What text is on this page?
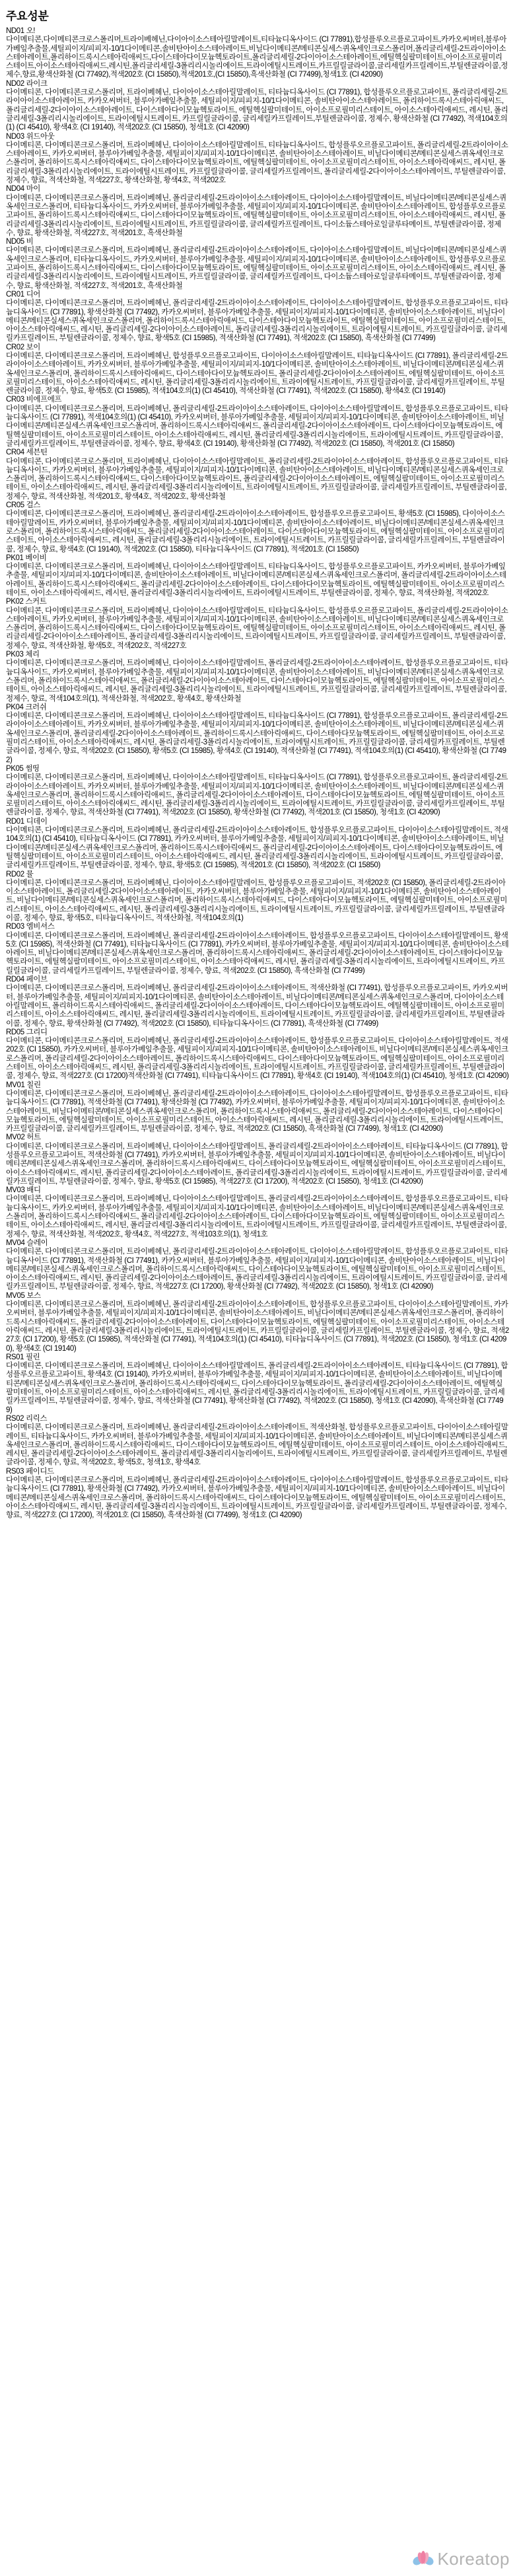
주요성분
ND01 오!
다이메티콘,다이메티콘크로스폴리머,트라이베헤닌,다이아이소스테아릴말레이트,티타늄디옥사이드 (CI 77891),합성플루오르플로고파이트,카카오씨버터,블루아가베잎추출물,세틸피이지/피피지-10/1다이메티콘,솔비탄아이소스테아레이트,비닐다이메티콘/메티콘실세스퀴옥세인크로스폴리머,폴리글리세릴-2트라이아이소스테아레이트,폴리하이드록시스테아릭애씨드,다이스테아다이모늄헥토라이트,폴리글리세릴-2다이아이소스테아레이트,에틸헥실팔미테이트,아이소프로필미리스테이트,아이소스테아릭애씨드,레시틴,폴리글리세릴-3폴리리시놀리에이트,트라이에틸시트레이트,카프릴릴글라이콜,글리세릴카프릴레이트,부틸렌글라이콜,정제수,향료,황색산화철 (CI 77492),적색202호 (CI 15850),적색201호,(CI 15850),흑색산화철 (CI 77499),청색1호 (CI 42090)
ND02 라이크
다이메티콘, 다이메티콘크로스폴리머, 트라이베헤닌, 다이아이소스테아릴말레이트, 티타늄디옥사이드 (CI 77891), 합성플루오르플로고파이트, 폴리글리세릴-2트라이아이소스테아레이트, 카카오씨버터, 블루아가베잎추출물, 세틸피이지/피피지-10/1다이메티콘, 솔비탄아이소스테아레이트, 폴리하이드록시스테아릭애씨드, 폴리글리세릴-2다이아이소스테아레이트, 다이스테아다이모늄헥토라이트, 에틸헥실팔미테이트, 아이소프로필미리스테이트, 아이소스테아릭애씨드, 레시틴, 폴리글리세릴-3폴리리시놀리에이트, 트라이에틸시트레이트, 카프릴릴글라이콜, 글리세릴카프릴레이트,부틸렌글라이콜, 정제수, 황색산화철 (CI 77492), 적색104호의(1) (CI 45410), 황색4호 (CI 19140), 적색202호 (CI 15850), 청색1호 (CI 42090)
ND03 위드아웃
다이메티콘, 다이메티콘크로스폴리머, 트라이베헤닌, 다이아이소스테아릴말레이트, 티타늄디옥사이드, 합성플루오르플로고파이트, 폴리글리세릴-2트라이아이소스테아레이트, 카카오씨버터, 블루아가베잎추출물, 세틸피이지/피피지-10/1다이메티콘, 솔비탄아이소스테아레이트, 비닐다이메티콘/메티콘실세스퀴옥세인크로스폴리머, 폴리하이드록시스테아릭애씨드, 다이스테아다이모늄헥토라이트, 에틸헥실팔미테이트, 아이소프로필미리스테이트, 아이소스테아릭애씨드, 레시틴, 폴리글리세릴-3폴리리시놀리에이트, 트라이에틸시트레이트, 카프릴릴글라이콜, 글리세릴카프릴레이트, 폴리글리세릴-2다이아이소스테아레이트, 부틸렌글라이콜, 정제수, 향료, 적색산화철, 적색227호, 황색산화철, 황색4호, 적색202호
ND04 마이
다이메티콘, 다이메티콘크로스폴리머, 트라이베헤닌, 폴리글리세릴-2트라이아이소스테아레이트, 다이아이소스테아릴말레이트, 비닐다이메티콘/메티콘실세스퀴옥세인크로스폴리머, 티타늄디옥사이드, 카카오씨버터, 블루아가베잎추출물, 세틸피이지/피피지-10/1다이메티콘, 솔비탄아이소스테아레이트, 합성플루오르플로고파이트, 폴리하이드록시스테아릭애씨드, 다이스테아다이모늄헥토라이트, 에틸헥실팔미테이트, 아이소프로필미리스테이트, 아이소스테아릭애씨드, 레시틴, 폴리글리세릴-3폴리리시놀리에이트, 트라이에틸시트레이트, 카프릴릴글라이콜, 글리세릴카프릴레이트, 다이소듐스테아로일글루타메이트, 부틸렌글라이콜, 정제수, 향료, 황색산화철, 적색227호, 적색201호, 흑색산화철
ND05 비
다이메티콘, 다이메티콘크로스폴리머, 트라이베헤닌, 폴리글리세릴-2트라이아이소스테아레이트, 다이아이소스테아릴말레이트, 비닐다이메티콘/메티콘실세스퀴옥세인크로스폴리머, 티타늄디옥사이드, 카카오씨버터, 블루아가베잎추출물, 세틸피이지/피피지-10/1다이메티콘, 솔비탄아이소스테아레이트, 합성플루오르플로고파이트, 폴리하이드록시스테아릭애씨드, 다이스테아다이모늄헥토라이트, 에틸헥실팔미테이트, 아이소프로필미리스테이트, 아이소스테아릭애씨드, 레시틴, 폴리글리세릴-3폴리리시놀리에이트, 트라이에틸시트레이트, 카프릴릴글라이콜, 글리세릴카프릴레이트, 다이소듐스테아로일글루타메이트, 부틸렌글라이콜, 정제수, 향료, 황색산화철, 적색227호, 적색201호, 흑색산화철
CR01 디어
다이메티콘, 다이메티콘크로스폴리머, 트라이베헤닌, 폴리글리세릴-2트라이아이소스테아레이트, 다이아이소스테아릴말레이트, 합성플루오르플로고파이트, 티타늄디옥사이드 (CI 77891), 황색산화철 (CI 77492), 카카오씨버터, 블루아가베잎추출물, 세틸피이지/피피지-10/1다이메티콘, 솔비탄아이소스테아레이트, 비닐다이메티콘/메티콘실세스퀴옥세인크로스폴리머, 폴리하이드록시스테아릭애씨드, 다이스테아다이모늄헥토라이트, 에틸헥실팔미테이트, 아이소프로필미리스테이트, 아이소스테아릭애씨드, 레시틴, 폴리글리세릴-2다이아이소스테아레이트, 폴리글리세릴-3폴리리시놀리에이트, 트라이에틸시트레이트, 카프릴릴글라이콜, 글리세릴카프릴레이트, 부틸렌글라이콜, 정제수, 향료, 황색5호 (CI 15985), 적색산화철 (CI 77491), 적색202호 (CI 15850), 흑색산화철 (CI 77499)
CR02 보이
다이메티콘, 다이메티콘크로스폴리머, 트라이베헤닌, 합성플루오르플로고파이트, 다이아이소스테아릴말레이트, 티타늄디옥사이드 (CI 77891), 폴리글리세릴-2트라이아이소스테아레이트, 카카오씨버터, 블루아가베잎추출물, 세틸피이지/피피지-10/1다이메티콘, 솔비탄아이소스테아레이트, 비닐다이메티콘/메티콘실세스퀴옥세인크로스폴리머, 폴리하이드록시스테아릭애씨드, 다이스테아다이모늄헥토라이트, 폴리글리세릴-2다이아이소스테아레이트, 에틸헥실팔미테이트, 아이소프로필미리스테이트, 아이소스테아릭애씨드, 레시틴, 폴리글리세릴-3폴리리시놀리에이트, 트라이에틸시트레이트, 카프릴릴글라이콜, 글리세릴카프릴레이트, 부틸렌글라이콜, 정제수, 향료, 황색5호 (CI 15985), 적색104호의(1) (CI 45410), 적색산화철 (CI 77491), 적색202호 (CI 15850), 황색4호 (CI 19140)
CR03 비에프에프
다이메티콘, 다이메티콘크로스폴리머, 트라이베헤닌, 폴리글리세릴-2트라이아이소스테아레이트, 다이아이소스테아릴말레이트, 합성플루오르플로고파이트, 티타늄디옥사이드 (CI 77891), 적색104호의(1) (CI 45410), 카카오씨버터, 블루아가베잎추출물, 세틸피이지/피피지-10/1다이메티콘, 솔비탄아이소스테아레이트, 비닐다이메티콘/메티콘실세스퀴옥세인크로스폴리머, 폴리하이드록시스테아릭애씨드, 폴리글리세릴-2다이아이소스테아레이트, 다이스테아다이모늄헥토라이트, 에틸헥실팔미테이트, 아이소프로필미리스테이트, 아이소스테아릭애씨드, 레시틴, 폴리글리세릴-3폴리리시놀리에이트, 트라이에틸시트레이트, 카프릴릴글라이콜, 글리세릴카프릴레이트, 부틸렌글라이콜, 정제수, 향료, 황색4호 (CI 19140), 황색산화철 (CI 77492), 적색202호 (CI 15850), 적색201호 (CI 15850)
CR04 세븐틴
다이메티콘, 다이메티콘크로스폴리머, 트라이베헤닌, 다이아이소스테아릴말레이트, 폴리글리세릴-2트라이아이소스테아레이트, 합성플루오르플로고파이트, 티타늄디옥사이드, 카카오씨버터, 블루아가베잎추출물, 세틸피이지/피피지-10/1다이메티콘, 솔비탄아이소스테아레이트, 비닐다이메티콘/메티콘실세스퀴옥세인크로스폴리머, 폴리하이드록시스테아릭애씨드, 다이스테아다이모늄헥토라이트, 폴리글리세릴-2다이아이소스테아레이트, 에틸헥실팔미테이트, 아이소프로필미리스테이트, 아이소스테아릭애씨드, 레시틴, 폴리글리세릴-3폴리리시놀리에이트, 트라이에틸시트레이트, 카프릴릴글라이콜, 글리세릴카프릴레이트, 부틸렌글라이콜, 정제수, 향료, 적색산화철, 적색201호, 황색4호, 적색202호, 황색산화철
CR05 걸스
다이메티콘, 다이메티콘크로스폴리머, 트라이베헤닌, 폴리글리세릴-2트라이아이소스테아레이트, 합성플루오르플로고파이트, 황색5호 (CI 15985), 다이아이소스테아릴말레이트, 카카오씨버터, 블루아가베잎추출물, 세틸피이지/피피지-10/1다이메티콘, 솔비탄아이소스테아레이트, 비닐다이메티콘/메티콘실세스퀴옥세인크로스폴리머, 폴리하이드록시스테아릭애씨드, 폴리글리세릴-2다이아이소스테아레이트, 다이스테아다이모늄헥토라이트, 에틸헥실팔미테이트, 아이소프로필미리스테이트, 아이소스테아릭애씨드, 레시틴, 폴리글리세릴-3폴리리시놀리에이트, 트라이에틸시트레이트, 카프릴릴글라이콜, 글리세릴카프릴레이트, 부틸렌글라이콜, 정제수, 향료, 황색4호 (CI 19140), 적색202호 (CI 15850), 티타늄디옥사이드 (CI 77891), 적색201호 (CI 15850)
PK01 베이비
다이메티콘, 다이메티콘크로스폴리머, 트라이베헤닌, 다이아이소스테아릴말레이트, 티타늄디옥사이드, 합성플루오르플로고파이트, 카카오씨버터, 블루아가베잎추출물, 세틸피이지/피피지-10/1다이메티콘, 솔비탄아이소스테아레이트, 비닐다이메티콘/메티콘실세스퀴옥세인크로스폴리머, 폴리글리세릴-2트라이아이소스테아레이트, 폴리하이드록시스테아릭애씨드, 폴리글리세릴-2다이아이소스테아레이트, 다이스테아다이모늄헥토라이트, 에틸헥실팔미테이트, 아이소프로필미리스테이트, 아이소스테아릭애씨드, 레시틴, 폴리글리세릴-3폴리리시놀리에이트, 트라이에틸시트레이트, 부틸렌글라이콜, 정제수, 향료, 적색산화철, 적색202호
PK02 스커트
다이메티콘, 다이메티콘크로스폴리머, 트라이베헤닌, 다이아이소스테아릴말레이트, 티타늄디옥사이드, 합성플루오르플로고파이트, 폴리글리세릴-2트라이아이소스테아레이트, 카카오씨버터, 블루아가베잎추출물, 세틸피이지/피피지-10/1다이메티콘, 솔비탄아이소스테아레이트, 비닐다이메티콘/메티콘실세스퀴옥세인크로스폴리머, 폴리하이드록시스테아릭애씨드, 다이스테아다이모늄헥토라이트, 에틸헥실팔미테이트, 아이소프로필미리스테이트, 아이소스테아릭애씨드, 레시틴, 폴리글리세릴-2다이아이소스테아레이트, 폴리글리세릴-3폴리리시놀리에이트, 트라이에틸시트레이트, 카프릴릴글라이콜, 글리세릴카프릴레이트, 부틸렌글라이콜, 정제수, 향료, 적색산화철, 황색5호, 적색202호, 적색227호
PK03 체리
다이메티콘, 다이메티콘크로스폴리머, 트라이베헤닌, 다이아이소스테아릴말레이트, 폴리글리세릴-2트라이아이소스테아레이트, 합성플루오르플로고파이트, 티타늄디옥사이드, 카카오씨버터, 블루아가베잎추출물, 세틸피이지/피피지-10/1다이메티콘, 솔비탄아이소스테아레이트, 비닐다이메티콘/메티콘실세스퀴옥세인크로스폴리머, 폴리하이드록시스테아릭애씨드, 폴리글리세릴-2다이아이소스테아레이트, 다이스테아다이모늄헥토라이트, 에틸헥실팔미테이트, 아이소프로필미리스테이트, 아이소스테아릭애씨드, 레시틴, 폴리글리세릴-3폴리리시놀리에이트, 트라이에틸시트레이트, 카프릴릴글라이콜, 글리세릴카프릴레이트, 부틸렌글라이콜, 정제수, 향료, 적색104호의(1), 적색산화철, 적색202호, 황색4호, 황색산화철
PK04 크러쉬
다이메티콘, 다이메티콘크로스폴리머, 트라이베헤닌, 다이아이소스테아릴말레이트, 티타늄디옥사이드 (CI 77891), 합성플루오르플로고파이트, 폴리글리세릴-2트라이아이소스테아레이트, 카카오씨버터, 블루아가베잎추출물, 세틸피이지/피피지-10/1다이메티콘, 솔비탄아이소스테아레이트, 비닐다이메티콘/메티콘실세스퀴옥세인크로스폴리머, 폴리글리세릴-2다이아이소스테아레이트, 폴리하이드록시스테아릭애씨드, 다이스테아다모늄헥토라이트, 에틸헥실팔미테이트, 아이소프로필미리스테이트, 아이소스테아릭애씨드, 레시틴, 폴리글리세릴-3폴리리시놀리에이트, 트라이에틸시트레이트, 카프릴릴글라이콜, 글리세릴카프릴레이트, 부틸렌글라이콜, 정제수, 향료, 적색202호 (CI 15850), 황색5호 (CI 15985), 황색4호 (CI 19140), 적색산화철 (CI 77491), 적색104호의(1) (CI 45410), 황색산화철 (CI 77492)
PK05 썸띵
다이메티콘, 다이메티콘크로스폴리머, 트라이베헤닌, 다이아이소스테아릴말레이트, 티타늄디옥사이드 (CI 77891), 합성플루오르플로고파이트, 폴리글리세릴-2트라이아이소스테아레이트, 카카오씨버터, 블루아가베잎추출물, 세틸피이지/피피지-10/1다이메티콘, 솔비탄아이소스테아레이트, 비닐다이메티콘/메티콘실세스퀴옥세인크로스폴리머, 폴리하이드록시스테아릭애씨드, 폴리글리세릴-2다이아이소스테아레이트, 다이스테아다이모늄헥토라이트, 에틸헥실팔미테이트, 아이소프로필미리스테이트, 아이소스테아릭애씨드, 레시틴, 폴리글리세릴-3폴리리시놀리에이트, 트라이에틸시트레이트, 카프릴릴글라이콜, 글리세릴카프릴레이트, 부틸렌글라이콜, 정제수, 향료, 적색산화철 (CI 77491), 적색202호 (CI 15850), 황색산화철 (CI 77492), 적색201호 (CI 15850), 청색1호 (CI 42090)
RD01 디데이
다이메티콘, 다이메티콘크로스폴리머, 트라이베헤닌, 폴리글리세릴-2트라이아이소스테아레이트, 합성플루오르플로고파이트, 다이아이소스테아릴말레이트, 적색104호의(1) (CI 45410), 티타늄디옥사이드 (CI 77891), 카카오씨버터, 블루아가베잎추출물, 세틸피이지/피피지-10/1다이메티콘, 솔비탄아이소스테아레이트, 비닐다이메티콘/메티콘실세스퀴옥세인크로스폴리머, 폴리하이드록시스테아릭애씨드, 폴리글리세릴-2다이아이소스테아레이트, 다이스테아다이모늄헥토라이트, 에틸헥실팔미테이트, 아이소프로필미리스테이트, 아이소스테아릭애씨드, 레시틴, 폴리글리세릴-3폴리리시놀리에이트, 트라이에틸시트레이트, 카프릴릴글라이콜, 글리세릴카프릴레이트, 부틸렌글라이콜, 정제수, 향료, 황색5호 (CI 15985), 적색201호 (CI 15850), 적색202호 (CI 15850)
RD02 뮬
다이메티콘, 다이메티콘크로스폴리머, 트라이베헤닌, 다이아이소스테아릴말레이트, 합성플루오르플로고파이트, 적색202호 (CI 15850), 폴리글리세릴-2트라이아이소스테아레이트, 폴리글리세릴-2다이아이소스테아레이트, 카카오씨버터, 블루아가베잎추출물, 세틸피이지/피피지-10/1다이메티콘, 솔비탄아이소스테아레이트, 비닐다이메티콘/메티콘실세스퀴옥세인크로스폴리머, 폴리하이드록시스테아릭애씨드, 다이스테아다이모늄헥토라이트, 에틸헥실팔미테이트, 아이소프로필미리스테이트, 아이소스테아릭애씨드, 레시틴, 폴리글리세릴-3폴리리시놀리에이트, 트라이에틸시트레이트, 카프릴릴글라이콜, 글리세릴카프릴레이트, 부틸렌글라이콜, 정제수, 향료, 황색5호, 티타늄디옥사이드, 적색산화철, 적색104호의(1)
RD03 엠비셔스
다이메티콘, 다이메티콘크로스폴리머, 트라이베헤닌, 폴리글리세릴-2트라이아이소스테아레이트, 합성플루오르플로고파이트, 다이아이소스테아릴말레이트, 황색5호 (CI 15985), 적색산화철 (CI 77491), 티타늄디옥사이드 (CI 77891), 카카오씨버터, 블루아가베잎추출물, 세틸피이지/피피지-10/1다이메티콘, 솔비탄아이소스테아레이트, 비닐다이메티콘/메티콘실세스퀴옥세인크로스폴리머, 폴리하이드록시스테아릭애씨드, 폴리글리세릴-2다이아이소스테아레이트, 다이스테아다이모늄헥토라이트, 에틸헥실팔미테이트, 아이소프로필미리스테이트, 아이소스테아릭애씨드, 레시틴, 폴리글리세릴-3폴리리시놀리에이트, 트라이에틸시트레이트, 카프릴릴글라이콜, 글리세릴카프릴레이트, 부틸렌글라이콜, 정제수, 향료, 적색202호 (CI 15850), 흑색산화철 (CI 77499)
RD04 페이브
다이메티콘, 다이메티콘크로스폴리머, 트라이베헤닌, 폴리글리세릴-2트라이아이소스테아레이트, 적색산화철 (CI 77491), 합성플루오르플로고파이트, 카카오씨버터, 블루아가베잎추출물, 세틸피이지/피피지-10/1다이메티콘, 솔비탄아이소스테아레이트, 비닐다이메티콘/메티콘실세스퀴옥세인크로스폴리머, 다이아이소스테아릴말레이트, 폴리하이드록시스테아릭애씨드, 폴리글리세릴-2다이아이소스테아레이트, 다이스테아다이모늄헥토라이트, 에틸헥실팔미테이트, 아이소프로필미리스테이트, 아이소스테아릭애씨드, 레시틴, 폴리글리세릴-3폴리리시놀리에이트, 트라이에틸시트레이트, 카프릴릴글라이콜, 글리세릴카프릴레이트, 부틸렌글라이콜, 정제수, 향료, 황색산화철 (CI 77492), 적색202호 (CI 15850), 티타늄디옥사이드 (CI 77891), 흑색산화철 (CI 77499)
RD05 그리디
다이메티콘, 다이메티콘크로스폴리머, 트라이베헤닌, 폴리글리세릴-2트라이아이소스테아레이트, 합성플루오르플로고파이트, 다이아이소스테아릴말레이트, 적색202호 (CI 15850), 카카오씨버터, 블루아가베잎추출물, 세틸피이지/피피지-10/1다이메티콘, 솔비탄아이소스테아레이트, 비닐다이메티콘/메티콘실세스퀴옥세인크로스폴리머, 폴리글리세릴-2다이아이소스테아레이트, 폴리하이드록시스테아릭애씨드, 다이스테아다이모늄헥토라이트, 에틸헥실팔미테이트, 아이소프로필미리스테이트, 아이소스테아릭애씨드, 레시틴, 폴리글리세릴-3폴리리시놀리에이트, 트라이에틸시트레이트, 카프릴릴글라이콜, 글리세릴카프릴레이트, 부틸렌글라이콜, 정제수, 향료, 적색227호 (CI 17200)적색산화철 (CI 77491), 티타늄디옥사이드 (CI 77891), 황색4호 (CI 19140), 적색104호의(1) (CI 45410), 청색1호 (CI 42090)
MV01 칠린
다이메티콘, 다이메티콘크로스폴리머, 트라이베헤닌, 폴리글리세릴-2트라이아이소스테아레이트, 다이아이소스테아릴말레이트, 합성플루오르플로고파이트, 티타늄디옥사이드 (CI 77891), 적색산화철 (CI 77491), 황색산화철 (CI 77492), 카카오씨버터, 블루아가베잎추출물, 세틸피이지/피피지-10/1다이메티콘, 솔비탄아이소스테아레이트, 비닐다이메티콘/메티콘실세스퀴옥세인크로스폴리머, 폴리하이드록시스테아릭애씨드, 폴리글리세릴-2다이아이소스테아레이트, 다이스테아다이모늄헥토라이트, 에틸헥실팔미테이트, 아이소프로필미리스테이트, 아이소스테아릭애씨드, 레시틴, 폴리글리세릴-3폴리리시놀리에이트, 트라이에틸시트레이트, 카프릴릴글라이콜, 글리세릴카프릴레이트, 부틸렌글라이콜, 정제수, 향료, 적색202호 (CI 15850), 흑색산화철 (CI 77499), 청색1호 (CI 42090)
MV02 허트
다이메티콘, 다이메티콘크로스폴리머, 트라이베헤닌, 다이아이소스테아릴말레이트, 폴리글리세릴-2트라이아이소스테아레이트, 티타늄디옥사이드 (CI 77891), 합성플루오르플로고파이트, 적색산화철 (CI 77491), 카카오씨버터, 블루아가베잎추출물, 세틸피이지/피피지-10/1다이메티콘, 솔비탄아이소스테아레이트, 비닐다이메티콘/메티콘실세스퀴옥세인크로스폴리머, 폴리하이드록시스테아릭애씨드, 다이스테아다이모늄헥토라이트, 에틸헥실팔미테이트, 아이소프로필미리스테이트, 아이소스테아릭애씨드, 레시틴, 폴리글리세릴-2다이아이소스테아레이트, 폴리글리세릴-3폴리리시놀리에이트, 트라이에틸시트레이트, 카프릴릴글라이콜, 글리세릴카프릴레이트, 부틸렌글라이콜, 정제수, 향료, 황색5호 (CI 15985), 적색227호 (CI 17200), 적색202호 (CI 15850), 청색1호 (CI 42090)
MV03 배디
다이메티콘, 다이메티콘크로스폴리머, 트라이베헤닌, 다이아이소스테아릴말레이트, 폴리글리세릴-2트라이아이소스테아레이트, 합성플루오르플로고파이트, 티타늄디옥사이드, 카카오씨버터, 블루아가베잎추출물, 세틸피이지/피피지-10/1다이메티콘, 솔비탄아이소스테아레이트, 비닐다이메티콘/메티콘실세스퀴옥세인크로스폴리머, 폴리하이드록시스테아릭애씨드, 폴리글리세릴-2다이아이소스테아레이트, 다이스테아다이모늄헥토라이트, 에틸헥실팔미테이트, 아이소프로필미리스테이트, 아이소스테아릭애씨드, 레시틴, 폴리글리세릴-3폴리리시놀리에이트, 트라이에틸시트레이트, 카프릴릴글라이콜, 글리세릴카프릴레이트, 부틸렌글라이콜, 정제수, 향료, 적색산화철, 적색202호, 황색4호, 적색227호, 적색103호의(1), 청색1호
MV04 슬레이
다이메티콘, 다이메티콘크로스폴리머, 트라이베헤닌, 폴리글리세릴-2트라이아이소스테아레이트, 다이아이소스테아릴말레이트, 합성플루오르플로고파이트, 티타늄디옥사이드 (CI 77891), 적색산화철 (CI 77491), 카카오씨버터, 블루아가베잎추출물, 세틸피이지/피피지-10/1다이메티콘, 솔비탄아이소스테아레이트, 비닐다이메티콘/메티콘실세스퀴옥세인크로스폴리머, 폴리하이드록시스테아릭애씨드, 다이스테아다이모늄헥토라이트, 에틸헥실팔미테이트, 아이소프로필미리스테이트, 아이소스테아릭애씨드, 레시틴, 폴리글리세릴-2다이아이소스테아레이트, 폴리글리세릴-3폴리리시놀리에이트, 트라이에틸시트레이트, 카프릴릴글라이콜, 글리세릴카프릴레이트, 부틸렌글라이콜, 정제수, 향료, 적색227호 (CI 17200), 황색산화철 (CI 77492), 적색202호 (CI 15850), 청색1호 (CI 42090)
MV05 보스
다이메티콘, 다이메티콘크로스폴리머, 트라이베헤닌, 폴리글리세릴-2트라이아이소스테아레이트, 합성플루오르플로고파이트, 다이아이소스테아릴말레이트, 카카오씨버터, 블루아가베잎추출물, 세틸피이지/피피지-10/1다이메티콘, 솔비탄아이소스테아레이트, 비닐다이메티콘/메티콘실세스퀴옥세인크로스폴리머, 폴리하이드록시스테아릭애씨드, 폴리글리세릴-2다이아이소스테아레이트, 다이스테아다이모늄헥토라이트, 에틸헥실팔미테이트, 아이소프로필미리스테이트, 아이소스테아릭애씨드, 레시틴, 폴리글리세릴-3폴리리시놀리에이트, 트라이에틸시트레이트, 카프릴릴글라이콜, 글리세릴카프릴레이트, 부틸렌글라이콜, 정제수, 향료, 적색227호 (CI 17200), 황색5호 (CI 15985), 적색산화철 (CI 77491), 적색104호의(1) (CI 45410), 티타늄디옥사이드 (CI 77891), 적색202호 (CI 15850), 청색1호 (CI 42090), 황색4호 (CI 19140)
RS01 필린
다이메티콘, 다이메티콘크로스폴리머, 트라이베헤닌, 다이아이소스테아릴말레이트, 폴리글리세릴-2트라이아이소스테아레이트, 티타늄디옥사이드 (CI 77891), 합성플루오르플로고파이트, 황색4호 (CI 19140), 카카오씨버터, 블루아가베잎추출물, 세틸피이지/피피지-10/1다이메티콘, 솔비탄아이소스테아레이트, 비닐다이메티콘/메티콘실세스퀴옥세인크로스폴리머, 폴리하이드록시스테아릭애씨드, 다이스테아다이모늄헥토라이트, 폴리글리세릴-2다이아이소스테아레이트, 에틸헥실팔미테이트, 아이소프로필미리스테이트, 아이소스테아릭애씨드, 레시틴, 폴리글리세릴-3폴리리시놀리에이트, 트라이에틸시트레이트, 카프릴릴글라이콜, 글리세릴카프릴레이트, 부틸렌글라이콜, 정제수, 향료, 적색산화철 (CI 77491), 황색산화철 (CI 77492), 적색202호 (CI 15850), 청색1호 (CI 42090), 흑색산화철 (CI 77499)
RS02 리릭스
다이메티콘, 다이메티콘크로스폴리머, 트라이베헤닌, 폴리글리세릴-2트라이아이소스테아레이트, 적색산화철, 합성플루오르플로고파이트, 다이아이소스테아릴말레이트, 티타늄디옥사이드, 카카오씨버터, 블루아가베잎추출물, 세틸피이지/피피지-10/1다이메티콘, 솔비탄아이소스테아레이트, 비닐다이메티콘/메티콘실세스퀴옥세인크로스폴리머, 폴리하이드록시스테아릭애씨드, 다이스테아다이모늄헥토라이트, 에틸헥실팔미테이트, 아이소프로필미리스테이트, 아이소스테아릭애씨드, 레시틴, 폴리글리세릴-2다이아이소스테아레이트, 폴리글리세릴-3폴리리시놀리에이트, 트라이에틸시트레이트, 카프릴릴글라이콜, 글리세릴카프릴레이트, 부틸렌글라이콜, 정제수, 향료, 적색202호, 황색5호, 청색1호, 황색4호
RS03 페이디드
다이메티콘, 다이메티콘크로스폴리머, 트라이베헤닌, 폴리글리세릴-2트라이아이소스테아레이트, 다이아이소스테아릴말레이트, 합성플루오르플로고파이트, 티타늄디옥사이드 (CI 77891), 황색산화철 (CI 77492), 카카오씨버터, 블루아가베잎추출물, 세틸피이지/피피지-10/1다이메티콘, 솔비탄아이소스테아레이트, 비닐다이메티콘/메티콘실세스퀴옥세인크로스폴리머, 폴리하이드록시스테아릭애씨드, 다이스테아다이모늄헥토라이트, 에틸헥실팔미테이트, 아이소프로필미리스테이트, 아이소스테아릭애씨드, 레시틴, 폴리글리세릴-3폴리리시놀리에이트, 트라이에틸시트레이트, 카프릴릴글라이콜, 글리세릴카프릴레이트, 부틸렌글라이콜, 정제수, 향료, 적색227호 (CI 17200), 적색201호 (CI 15850), 흑색산화철 (CI 77499), 청색1호 (CI 42090)
Koreatop
